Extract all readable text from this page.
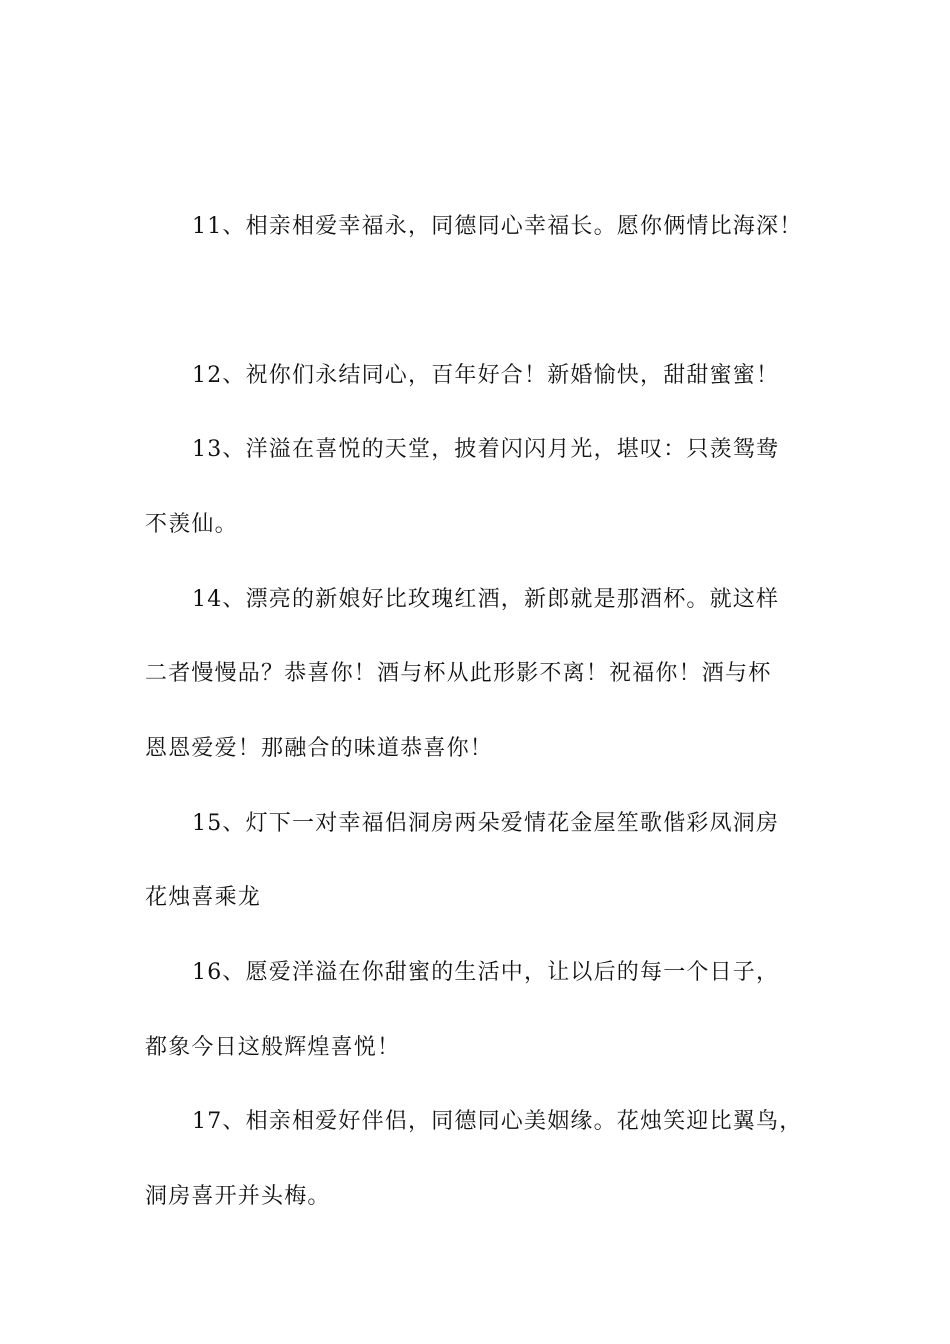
11、相亲相爱幸福永，同德同心幸福长。愿你俩情比海深！
12、祝你们永结同心，百年好合！新婚愉快，甜甜蜜蜜！
13、洋溢在喜悦的天堂，披着闪闪月光，堪叹：只羡鸳鸯
不羡仙。
14、漂亮的新娘好比玫瑰红酒，新郎就是那酒杯。就这样
二者慢慢品？恭喜你！酒与杯从此形影不离！祝福你！酒与杯
恩恩爱爱！那融合的味道恭喜你！
15、灯下一对幸福侣洞房两朵爱情花金屋笙歌偕彩凤洞房
花烛喜乘龙
16、愿爱洋溢在你甜蜜的生活中，让以后的每一个日子，
都象今日这般辉煌喜悦！
17、相亲相爱好伴侣，同德同心美姻缘。花烛笑迎比翼鸟，
洞房喜开并头梅。
